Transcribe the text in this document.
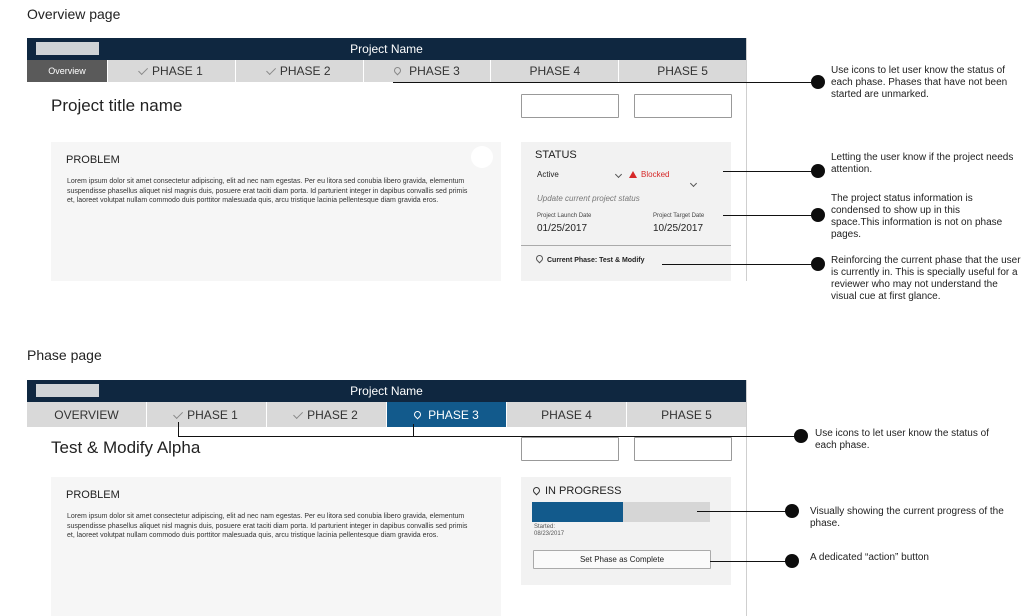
Overview page
Project Name
Overview	PHASE 1	PHASE 2	PHASE 3	PHASE 4	PHASE 5
Project title name
PROBLEM
Lorem ipsum dolor sit amet consectetur adipiscing, elit ad nec nam egestas. Per eu litora sed conubia libero gravida, elementum suspendisse phasellus aliquet nisl magnis duis, posuere erat taciti diam porta. Id parturient integer in dapibus convallis sed primis et, laoreet volutpat nullam commodo duis porttitor malesuada quis, arcu tristique lacinia pellentesque diam gravida eros.
STATUS
Active	Blocked
Update current project status
Project Launch Date
01/25/2017
Project Target Date
10/25/2017
Current Phase: Test & Modify
Use icons to let user know the status of each phase. Phases that have not been started are unmarked.
Letting the user know if the project needs attention.
The project status information is condensed to show up in this space.This information is not on phase pages.
Reinforcing the current phase that the user is currently in. This is specially useful for a reviewer who may not understand the visual cue at first glance.
Phase page
Project Name
OVERVIEW	PHASE 1	PHASE 2	PHASE 3	PHASE 4	PHASE 5
Test & Modify Alpha
PROBLEM
Lorem ipsum dolor sit amet consectetur adipiscing, elit ad nec nam egestas. Per eu litora sed conubia libero gravida, elementum suspendisse phasellus aliquet nisl magnis duis, posuere erat taciti diam porta. Id parturient integer in dapibus convallis sed primis et, laoreet volutpat nullam commodo duis porttitor malesuada quis, arcu tristique lacinia pellentesque diam gravida eros.
IN PROGRESS
Started:
08/23/2017
Set Phase as Complete
Use icons to let user know the status of each phase.
Visually showing the current progress of the phase.
A dedicated “action” button
